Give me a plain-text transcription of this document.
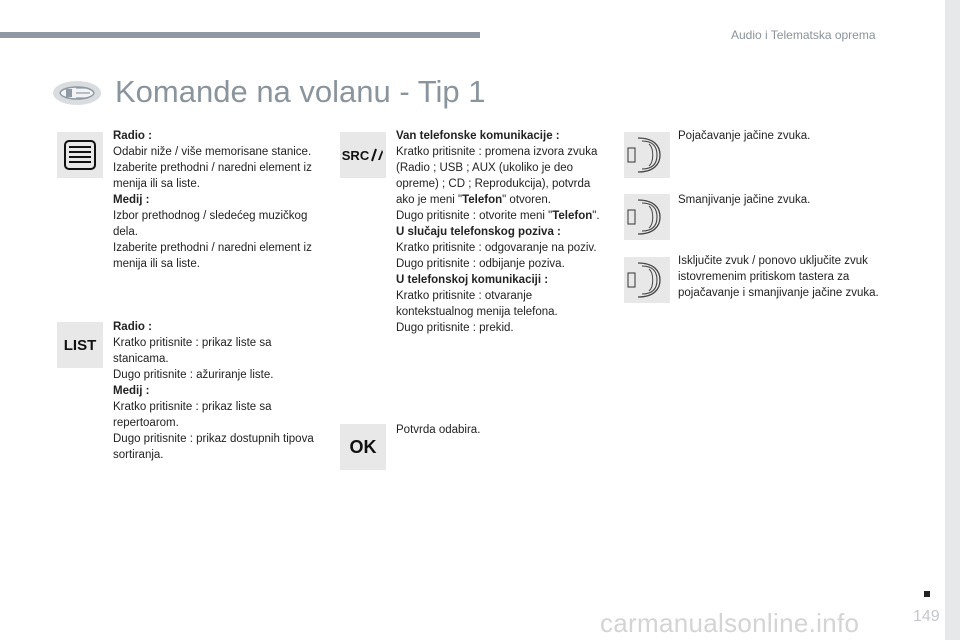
Audio i Telematska oprema
Komande na volanu - Tip 1
LIST

Radio :

Odabir niže / više memorisane stanice.

Izaberite prethodni / naredni element iz menija ili sa liste.

Medij :

Izbor prethodnog / sledećeg muzičkog dela.

Izaberite prethodni / naredni element iz menija ili sa liste.

Radio :

Kratko pritisnite : prikaz liste sa stanicama.

Dugo pritisnite : ažuriranje liste.

Medij :

Kratko pritisnite : prikaz liste sa repertoarom.

Dugo pritisnite : prikaz dostupnih tipova sortiranja.

SRC
OK

Van telefonske komunikacije :

Kratko pritisnite : promena izvora zvuka (Radio ; USB ; AUX (ukoliko je deo opreme) ; CD ; Reprodukcija), potvrda ako je meni "Telefon" otvoren.

Dugo pritisnite : otvorite meni "Telefon".

U slučaju telefonskog poziva :

Kratko pritisnite : odgovaranje na poziv.

Dugo pritisnite : odbijanje poziva.

U telefonskoj komunikaciji :

Kratko pritisnite : otvaranje kontekstualnog menija telefona.

Dugo pritisnite : prekid.

Potvrda odabira.

Pojačavanje jačine zvuka.

Smanjivanje jačine zvuka.

Isključite zvuk / ponovo uključite zvuk istovremenim pritiskom tastera za pojačavanje i smanjivanje jačine zvuka.

carmanualsonline.info	149
